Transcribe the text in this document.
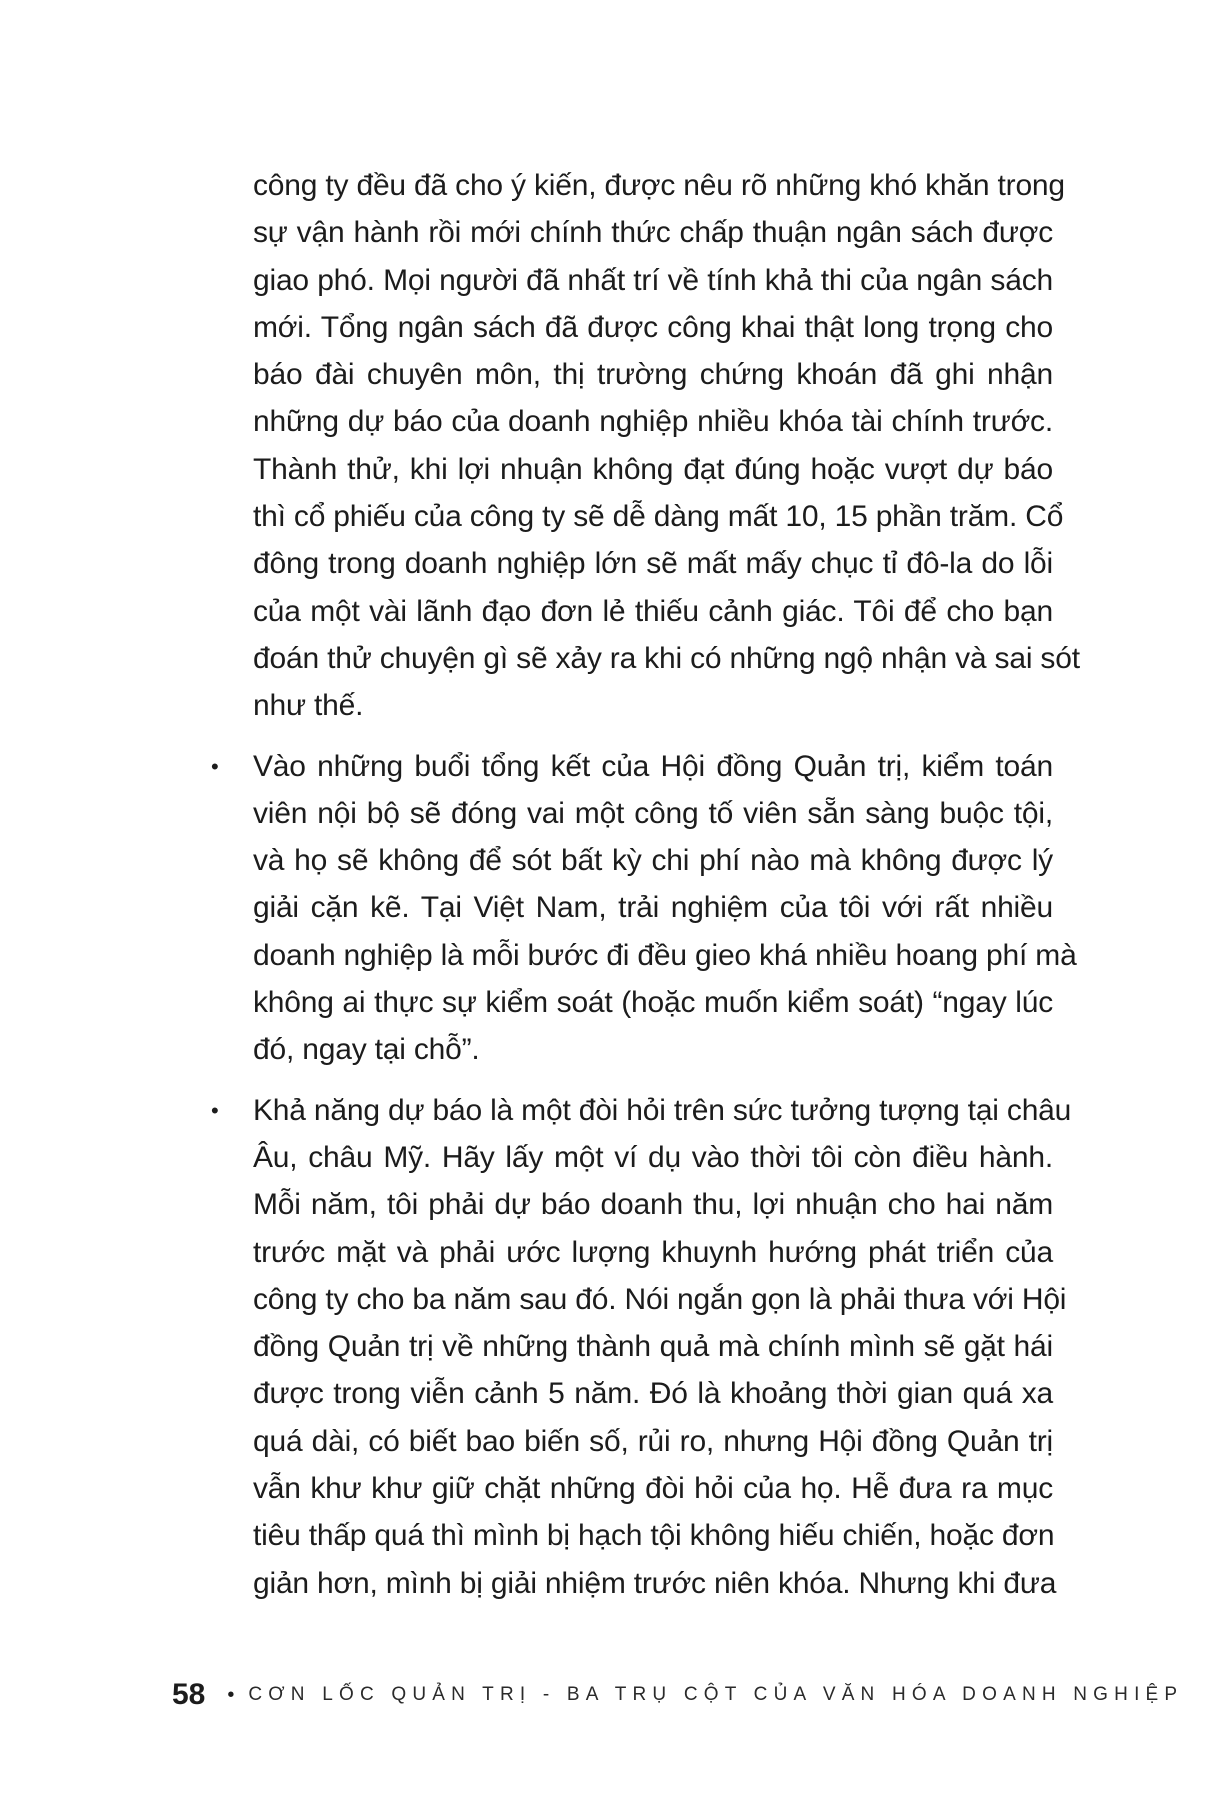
công ty đều đã cho ý kiến, được nêu rõ những khó khăn trong
sự vận hành rồi mới chính thức chấp thuận ngân sách được
giao phó. Mọi người đã nhất trí về tính khả thi của ngân sách
mới. Tổng ngân sách đã được công khai thật long trọng cho
báo đài chuyên môn, thị trường chứng khoán đã ghi nhận
những dự báo của doanh nghiệp nhiều khóa tài chính trước.
Thành thử, khi lợi nhuận không đạt đúng hoặc vượt dự báo
thì cổ phiếu của công ty sẽ dễ dàng mất 10, 15 phần trăm. Cổ
đông trong doanh nghiệp lớn sẽ mất mấy chục tỉ đô-la do lỗi
của một vài lãnh đạo đơn lẻ thiếu cảnh giác. Tôi để cho bạn
đoán thử chuyện gì sẽ xảy ra khi có những ngộ nhận và sai sót
như thế.
• Vào những buổi tổng kết của Hội đồng Quản trị, kiểm toán
viên nội bộ sẽ đóng vai một công tố viên sẵn sàng buộc tội,
và họ sẽ không để sót bất kỳ chi phí nào mà không được lý
giải cặn kẽ. Tại Việt Nam, trải nghiệm của tôi với rất nhiều
doanh nghiệp là mỗi bước đi đều gieo khá nhiều hoang phí mà
không ai thực sự kiểm soát (hoặc muốn kiểm soát) “ngay lúc
đó, ngay tại chỗ”.
• Khả năng dự báo là một đòi hỏi trên sức tưởng tượng tại châu
Âu, châu Mỹ. Hãy lấy một ví dụ vào thời tôi còn điều hành.
Mỗi năm, tôi phải dự báo doanh thu, lợi nhuận cho hai năm
trước mặt và phải ước lượng khuynh hướng phát triển của
công ty cho ba năm sau đó. Nói ngắn gọn là phải thưa với Hội
đồng Quản trị về những thành quả mà chính mình sẽ gặt hái
được trong viễn cảnh 5 năm. Đó là khoảng thời gian quá xa
quá dài, có biết bao biến số, rủi ro, nhưng Hội đồng Quản trị
vẫn khư khư giữ chặt những đòi hỏi của họ. Hễ đưa ra mục
tiêu thấp quá thì mình bị hạch tội không hiếu chiến, hoặc đơn
giản hơn, mình bị giải nhiệm trước niên khóa. Nhưng khi đưa
58 • CƠN LỐC QUẢN TRỊ - BA TRỤ CỘT CỦA VĂN HÓA DOANH NGHIỆP
